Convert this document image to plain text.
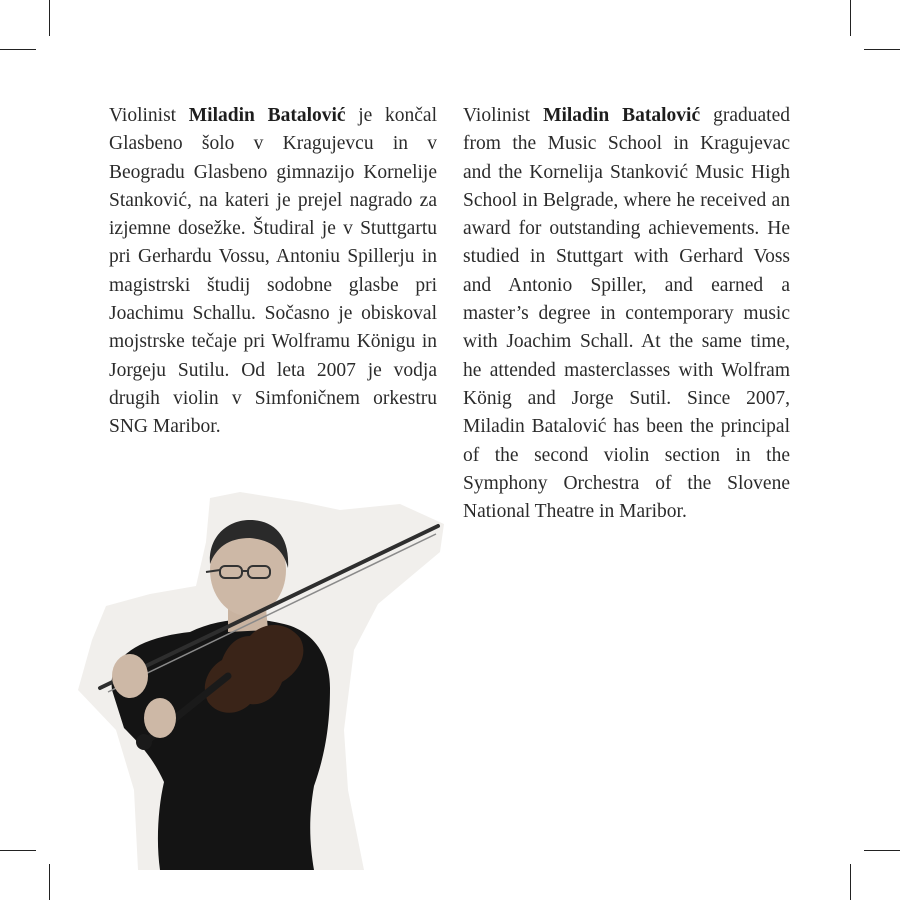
Violinist Miladin Batalović je končal Glasbeno šolo v Kragujevcu in v Beogradu Glasbeno gimnazijo Kornelije Stanković, na kateri je prejel nagrado za izjemne dosežke. Študiral je v Stuttgartu pri Gerhardu Vossu, Antoniu Spillerju in magistrski študij sodobne glasbe pri Joachimu Schallu. Sočasno je obiskoval mojstrske tečaje pri Wolframu Königu in Jorgeju Sutilu. Od leta 2007 je vodja drugih violin v Simfoničnem orkestru SNG Maribor.

Violinist Miladin Batalović graduated from the Music School in Kragujevac and the Kornelija Stanković Music High School in Belgrade, where he received an award for outstanding achievements. He studied in Stuttgart with Gerhard Voss and Antonio Spiller, and earned a master’s degree in contemporary music with Joachim Schall. At the same time, he attended masterclasses with Wolfram König and Jorge Sutil. Since 2007, Miladin Batalović has been the principal of the second violin section in the Symphony Orchestra of the Slovene National Theatre in Maribor.
